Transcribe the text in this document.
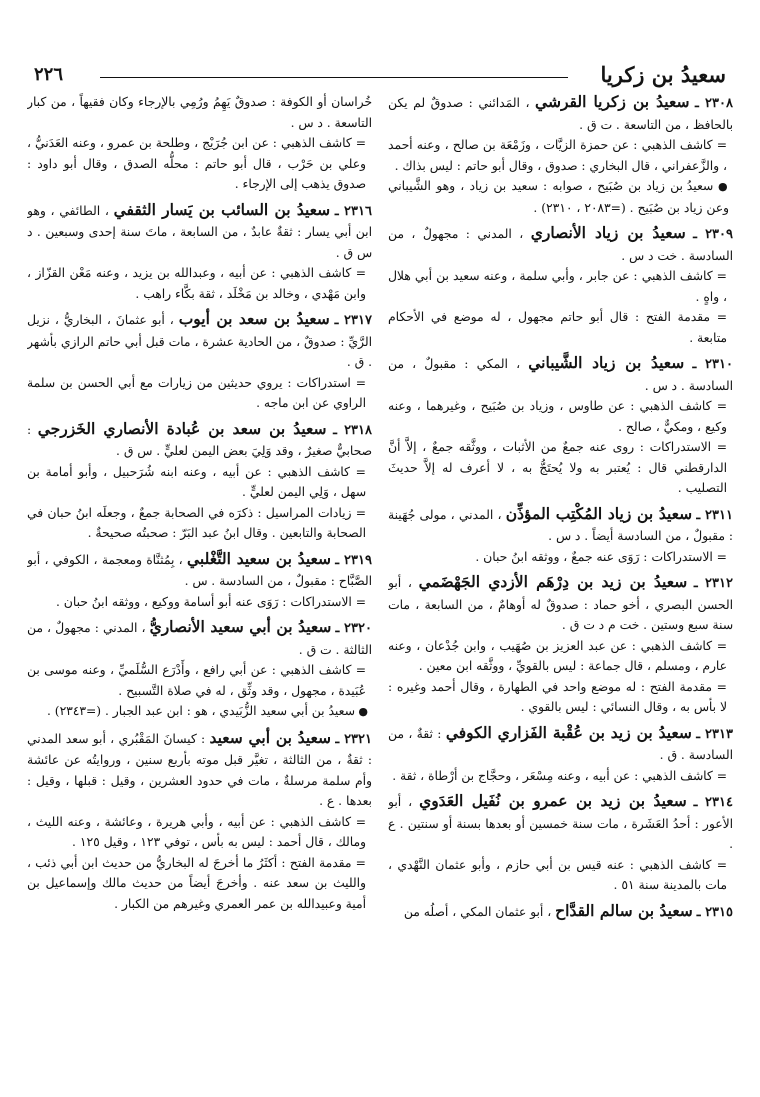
سعيدُ بن زكريا
٢٢٦

٢٣٠٨ ـ سعيدُ بن زكريا القرشي ، المَدائني : صدوقٌ لم يكن بالحافظ ، من التاسعة . ت ق .

= كاشف الذهبي : عن حمزة الزيَّات ، وزَمْعَة بن صالح ، وعنه أحمد ، والزَّعفراني ، قال البخاري : صدوق ، وقال أبو حاتم : ليس بذاك .

● سعيدُ بن زياد بن صُبَيح ، صوابه : سعيد بن زياد ، وهو الشَّيباني وعن زياد بن صُبَيح . (=٢٠٨٣ ، ٢٣١٠) .

٢٣٠٩ ـ سعيدُ بن زياد الأنصاري ، المدني : مجهولٌ ، من السادسة . خت د س .

= كاشف الذهبي : عن جابر ، وأبي سلمة ، وعنه سعيد بن أبي هلال ، واهٍ .

= مقدمة الفتح : قال أبو حاتم مجهول ، له موضع في الأحكام متابعة .

٢٣١٠ ـ سعيدُ بن زياد الشَّيباني ، المكي : مقبولٌ ، من السادسة . د س .

= كاشف الذهبي : عن طاوس ، وزياد بن صُبَيح ، وغيرهما ، وعنه وكيع ، ومكيٌّ ، صالح .

= الاستدراكات : روى عنه جمعٌ من الأثبات ، ووثَّقه جمعٌ ، إلاَّ أنَّ الدارقطني قال : يُعتبر به ولا يُحتَجُّ به ، لا أعرف له إلاَّ حديثَ التصليب .

٢٣١١ ـ سعيدُ بن زياد المُكْتِب المؤذِّن ، المدني ، مولى جُهَينة : مقبولٌ ، من السادسة أيضاً . د س .

= الاستدراكات : رَوَى عنه جمعٌ ، ووثقه ابنُ حبان .

٢٣١٢ ـ سعيدُ بن زيد بن دِرْهَم الأزدي الجَهْضَمي ، أبو الحسن البصري ، أخو حماد : صدوقٌ له أوهامٌ ، من السابعة ، مات سنة سبع وستين . خت م د ت ق .

= كاشف الذهبي : عن عبد العزيز بن صُهَيب ، وابن جُدْعان ، وعنه عارم ، ومسلم ، قال جماعة : ليس بالقويِّ ، ووثَّقه ابن معين .

= مقدمة الفتح : له موضع واحد في الطهارة ، وقال أحمد وغيره : لا بأس به ، وقال النسائي : ليس بالقوي .

٢٣١٣ ـ سعيدُ بن زيد بن عُقْبة الفَزاري الكوفي : ثقةٌ ، من السادسة . ق .

= كاشف الذهبي : عن أبيه ، وعنه مِسْعَر ، وحجَّاج بن أرْطاة ، ثقة .

٢٣١٤ ـ سعيدُ بن زيد بن عمرو بن نُفَيل العَدَوي ، أبو الأعور : أحدُ العَشَرة ، مات سنة خمسين أو بعدها بسنة أو سنتين . ع .

= كاشف الذهبي : عنه قيس بن أبي حازم ، وأبو عثمان النَّهْدي ، مات بالمدينة سنة ٥١ .

٢٣١٥ ـ سعيدُ بن سالم القدَّاح ، أبو عثمان المكي ، أصلُه من

خُراسان أو الكوفة : صدوقٌ يَهِمُ ورُمِي بالإرجاء وكان فقيهاً ، من كبار التاسعة . د س .

= كاشف الذهبي : عن ابن جُرَيْج ، وطلحة بن عمرو ، وعنه العَدَنيُّ ، وعلي بن حَرْب ، قال أبو حاتم : محلُّه الصدق ، وقال أبو داود : صدوق يذهب إلى الإرجاء .

٢٣١٦ ـ سعيدُ بن السائب بن يَسار الثقفي ، الطائفي ، وهو ابن أبي يسار : ثقةٌ عابدٌ ، من السابعة ، ماتَ سنة إحدى وسبعين . د س ق .

= كاشف الذهبي : عن أبيه ، وعبدالله بن يزيد ، وعنه مَعْن القزّاز ، وابن مَهْدي ، وخالد بن مَخْلَد ، ثقة بكَّاء راهب .

٢٣١٧ ـ سعيدُ بن سعد بن أيوب ، أبو عثمانَ ، البخاريُّ ، نزيل الرَّيِّ : صدوقٌ ، من الحادية عشرة ، مات قبل أبي حاتم الرازي بأشهر . ق .

= استدراكات : يروي حديثين من زيارات مع أبي الحسن بن سلمة الراوي عن ابن ماجه .

٢٣١٨ ـ سعيدُ بن سعد بن عُبادة الأنصاري الخَزرجي : صحابيٌّ صغيرٌ ، وقد وَلِيَ بعض اليمن لعليٍّ . س ق .

= كاشف الذهبي : عن أبيه ، وعنه ابنه شُرَحبيل ، وأبو أمامة بن سهل ، وَلِي اليمن لعليٍّ .

= زيادات المراسيل : ذكرَه في الصحابة جمعٌ ، وجعلَه ابنُ حبان في الصحابة والتابعين . وقال ابنُ عبد البَرّ : صحبتُه صحيحةٌ .

٢٣١٩ ـ سعيدُ بن سعيد التَّغْلبي ، بِمُثنَّاة ومعجمة ، الكوفي ، أبو الصَّبَّاح : مقبولٌ ، من السادسة . س .

= الاستدراكات : رَوَى عنه أبو أسامة ووكيع ، ووثقه ابنُ حبان .

٢٣٢٠ ـ سعيدُ بن أبي سعيد الأنصاريُّ ، المدني : مجهولٌ ، من الثالثة . ت ق .

= كاشف الذهبي : عن أبي رافع ، وأَدْرَع السُّلَميِّ ، وعنه موسى بن عُبَيدة ، مجهول ، وقد وثِّق ، له في صلاة التَّسبيح .

● سعيدُ بن أبي سعيد الزُّبَيدي ، هو : ابن عبد الجبار . (=٢٣٤٣) .

٢٣٢١ ـ سعيدُ بن أبي سعيد : كيسانَ المَقْبُري ، أبو سعد المدني : ثقةٌ ، من الثالثة ، تغيَّر قبل موته بأربع سنين ، وروايتُه عن عائشة وأم سلمة مرسلةٌ ، مات في حدود العشرين ، وقيل : قبلها ، وقيل : بعدها . ع .

= كاشف الذهبي : عن أبيه ، وأبي هريرة ، وعائشة ، وعنه الليث ، ومالك ، قال أحمد : ليس به بأس ، توفي ١٢٣ ، وقيل ١٢٥ .

= مقدمة الفتح : أكثَرُ ما أخرجَ له البخاريُّ من حديث ابن أبي ذئب ، والليث بن سعد عنه . وأخرجَ أيضاً من حديث مالك وإسماعيل بن أمية وعبيدالله بن عمر العمري وغيرهم من الكبار .
